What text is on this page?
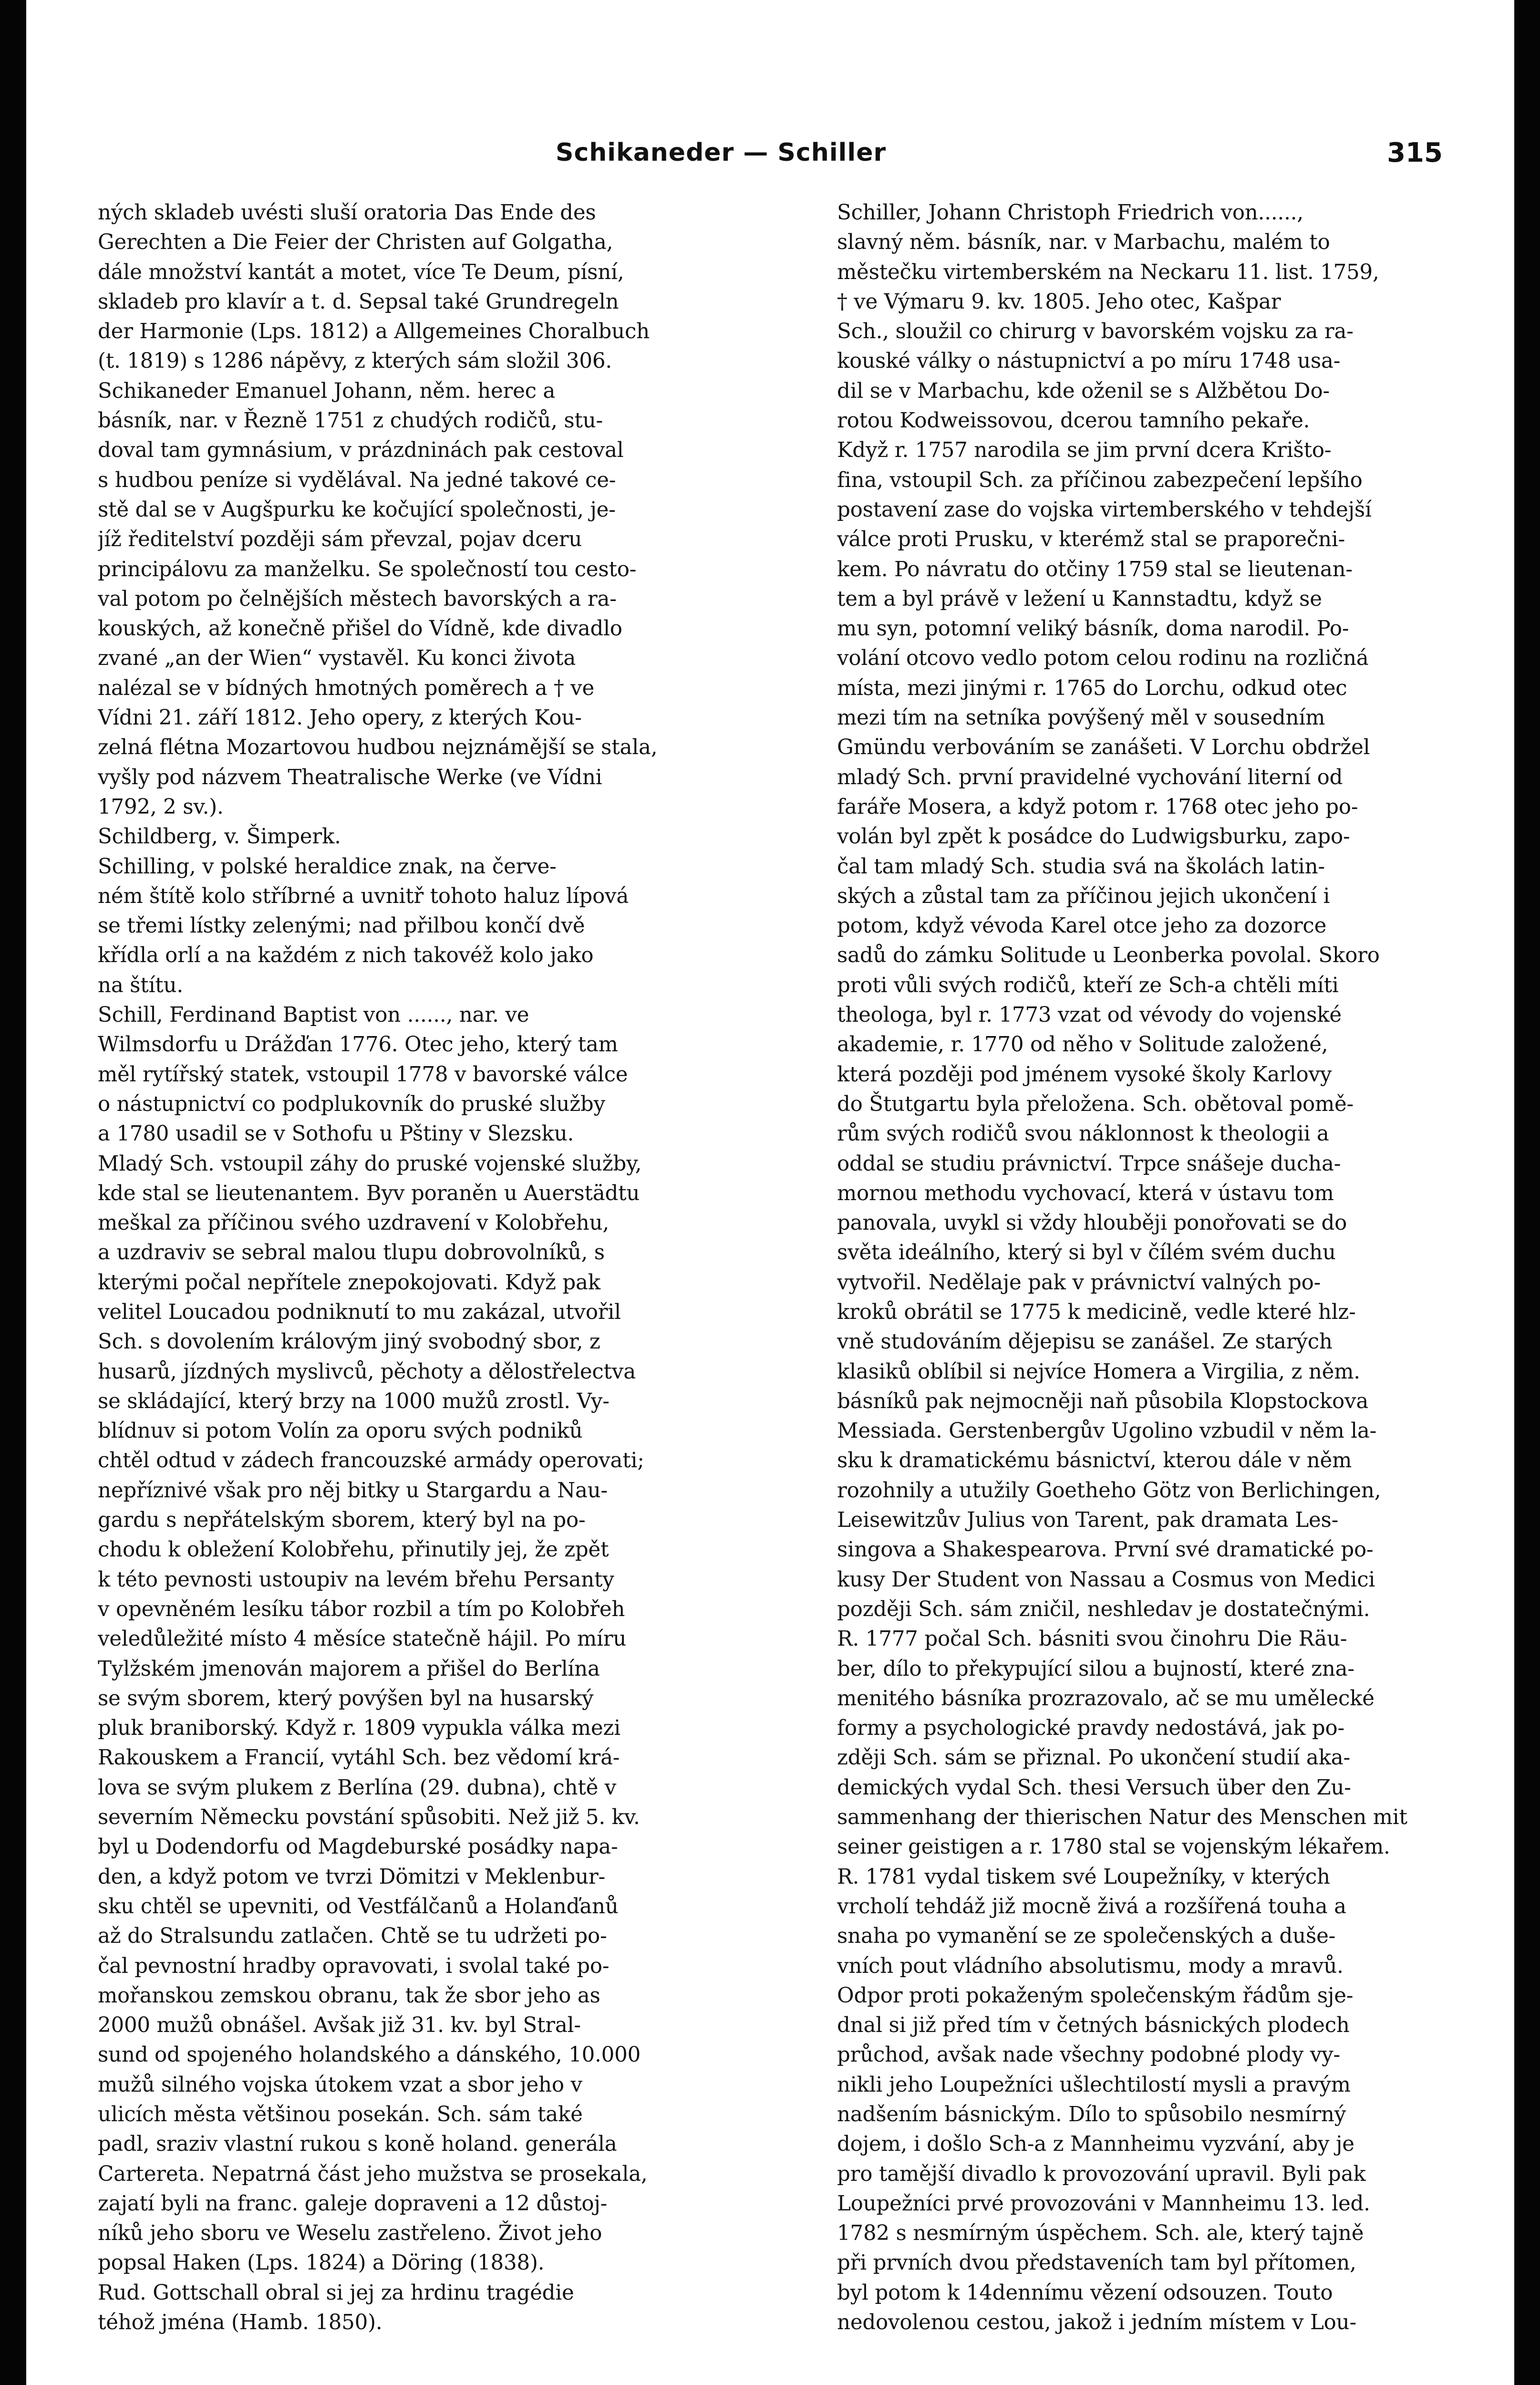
Schikaneder — Schiller	315
ných skladeb uvésti sluší oratoria Das Ende des
Gerechten a Die Feier der Christen auf Golgatha,
dále množství kantát a motet, více Te Deum, písní,
skladeb pro klavír a t. d. Sepsal také Grundregeln
der Harmonie (Lps. 1812) a Allgemeines Choralbuch
(t. 1819) s 1286 nápěvy, z kterých sám složil 306.
Schikaneder Emanuel Johann, něm. herec a
básník, nar. v Řezně 1751 z chudých rodičů, stu-
doval tam gymnásium, v prázdninách pak cestoval
s hudbou peníze si vydělával. Na jedné takové ce-
stě dal se v Augšpurku ke kočující společnosti, je-
jíž ředitelství později sám převzal, pojav dceru
principálovu za manželku. Se společností tou cesto-
val potom po čelnějších městech bavorských a ra-
kouských, až konečně přišel do Vídně, kde divadlo
zvané „an der Wien“ vystavěl. Ku konci života
nalézal se v bídných hmotných poměrech a † ve
Vídni 21. září 1812. Jeho opery, z kterých Kou-
zelná flétna Mozartovou hudbou nejznámější se stala,
vyšly pod názvem Theatralische Werke (ve Vídni
1792, 2 sv.).
Schildberg, v. Šimperk.
Schilling, v polské heraldice znak, na červe-
ném štítě kolo stříbrné a uvnitř tohoto haluz lípová
se třemi lístky zelenými; nad přilbou končí dvě
křídla orlí a na každém z nich takovéž kolo jako
na štítu.
Schill, Ferdinand Baptist von ......, nar. ve
Wilmsdorfu u Drážďan 1776. Otec jeho, který tam
měl rytířský statek, vstoupil 1778 v bavorské válce
o nástupnictví co podplukovník do pruské služby
a 1780 usadil se v Sothofu u Pštiny v Slezsku.
Mladý Sch. vstoupil záhy do pruské vojenské služby,
kde stal se lieutenantem. Byv poraněn u Auerstädtu
meškal za příčinou svého uzdravení v Kolobřehu,
a uzdraviv se sebral malou tlupu dobrovolníků, s
kterými počal nepřítele znepokojovati. Když pak
velitel Loucadou podniknutí to mu zakázal, utvořil
Sch. s dovolením královým jiný svobodný sbor, z
husarů, jízdných myslivců, pěchoty a dělostřelectva
se skládající, který brzy na 1000 mužů zrostl. Vy-
blídnuv si potom Volín za oporu svých podniků
chtěl odtud v zádech francouzské armády operovati;
nepříznivé však pro něj bitky u Stargardu a Nau-
gardu s nepřátelským sborem, který byl na po-
chodu k obležení Kolobřehu, přinutily jej, že zpět
k této pevnosti ustoupiv na levém břehu Persanty
v opevněném lesíku tábor rozbil a tím po Kolobřeh
veledůležité místo 4 měsíce statečně hájil. Po míru
Tylžském jmenován majorem a přišel do Berlína
se svým sborem, který povýšen byl na husarský
pluk braniborský. Když r. 1809 vypukla válka mezi
Rakouskem a Francií, vytáhl Sch. bez vědomí krá-
lova se svým plukem z Berlína (29. dubna), chtě v
severním Německu povstání spůsobiti. Než již 5. kv.
byl u Dodendorfu od Magdeburské posádky napa-
den, a když potom ve tvrzi Dömitzi v Meklenbur-
sku chtěl se upevniti, od Vestfálčanů a Holanďanů
až do Stralsundu zatlačen. Chtě se tu udržeti po-
čal pevnostní hradby opravovati, i svolal také po-
mořanskou zemskou obranu, tak že sbor jeho as
2000 mužů obnášel. Avšak již 31. kv. byl Stral-
sund od spojeného holandského a dánského, 10.000
mužů silného vojska útokem vzat a sbor jeho v
ulicích města většinou posekán. Sch. sám také
padl, sraziv vlastní rukou s koně holand. generála
Cartereta. Nepatrná část jeho mužstva se prosekala,
zajatí byli na franc. galeje dopraveni a 12 důstoj-
níků jeho sboru ve Weselu zastřeleno. Život jeho
popsal Haken (Lps. 1824) a Döring (1838).
Rud. Gottschall obral si jej za hrdinu tragédie
téhož jména (Hamb. 1850).
Schiller, Johann Christoph Friedrich von......,
slavný něm. básník, nar. v Marbachu, malém to
městečku virtemberském na Neckaru 11. list. 1759,
† ve Výmaru 9. kv. 1805. Jeho otec, Kašpar
Sch., sloužil co chirurg v bavorském vojsku za ra-
kouské války o nástupnictví a po míru 1748 usa-
dil se v Marbachu, kde oženil se s Alžbětou Do-
rotou Kodweissovou, dcerou tamního pekaře.
Když r. 1757 narodila se jim první dcera Krišto-
fina, vstoupil Sch. za příčinou zabezpečení lepšího
postavení zase do vojska virtemberského v tehdejší
válce proti Prusku, v kterémž stal se praporečni-
kem. Po návratu do otčiny 1759 stal se lieutenan-
tem a byl právě v ležení u Kannstadtu, když se
mu syn, potomní veliký básník, doma narodil. Po-
volání otcovo vedlo potom celou rodinu na rozličná
místa, mezi jinými r. 1765 do Lorchu, odkud otec
mezi tím na setníka povýšený měl v sousedním
Gmündu verbováním se zanášeti. V Lorchu obdržel
mladý Sch. první pravidelné vychování literní od
faráře Mosera, a když potom r. 1768 otec jeho po-
volán byl zpět k posádce do Ludwigsburku, zapo-
čal tam mladý Sch. studia svá na školách latin-
ských a zůstal tam za příčinou jejich ukončení i
potom, když vévoda Karel otce jeho za dozorce
sadů do zámku Solitude u Leonberka povolal. Skoro
proti vůli svých rodičů, kteří ze Sch-a chtěli míti
theologa, byl r. 1773 vzat od vévody do vojenské
akademie, r. 1770 od něho v Solitude založené,
která později pod jménem vysoké školy Karlovy
do Štutgartu byla přeložena. Sch. obětoval pomě-
rům svých rodičů svou náklonnost k theologii a
oddal se studiu právnictví. Trpce snášeje ducha-
mornou methodu vychovací, která v ústavu tom
panovala, uvykl si vždy hlouběji ponořovati se do
světa ideálního, který si byl v čílém svém duchu
vytvořil. Nedělaje pak v právnictví valných po-
kroků obrátil se 1775 k medicině, vedle které hlz-
vně studováním dějepisu se zanášel. Ze starých
klasiků oblíbil si nejvíce Homera a Virgilia, z něm.
básníků pak nejmocněji naň působila Klopstockova
Messiada. Gerstenbergův Ugolino vzbudil v něm la-
sku k dramatickému básnictví, kterou dále v něm
rozohnily a utužily Goetheho Götz von Berlichingen,
Leisewitzův Julius von Tarent, pak dramata Les-
singova a Shakespearova. První své dramatické po-
kusy Der Student von Nassau a Cosmus von Medici
později Sch. sám zničil, neshledav je dostatečnými.
R. 1777 počal Sch. básniti svou činohru Die Räu-
ber, dílo to překypující silou a bujností, které zna-
menitého básníka prozrazovalo, ač se mu umělecké
formy a psychologické pravdy nedostává, jak po-
zději Sch. sám se přiznal. Po ukončení studií aka-
demických vydal Sch. thesi Versuch über den Zu-
sammenhang der thierischen Natur des Menschen mit
seiner geistigen a r. 1780 stal se vojenským lékařem.
R. 1781 vydal tiskem své Loupežníky, v kterých
vrcholí tehdáž již mocně živá a rozšířená touha a
snaha po vymanění se ze společenských a duše-
vních pout vládního absolutismu, mody a mravů.
Odpor proti pokaženým společenským řádům sje-
dnal si již před tím v četných básnických plodech
průchod, avšak nade všechny podobné plody vy-
nikli jeho Loupežníci ušlechtilostí mysli a pravým
nadšením básnickým. Dílo to spůsobilo nesmírný
dojem, i došlo Sch-a z Mannheimu vyzvání, aby je
pro tamější divadlo k provozování upravil. Byli pak
Loupežníci prvé provozováni v Mannheimu 13. led.
1782 s nesmírným úspěchem. Sch. ale, který tajně
při prvních dvou představeních tam byl přítomen,
byl potom k 14dennímu vězení odsouzen. Touto
nedovolenou cestou, jakož i jedním místem v Lou-
